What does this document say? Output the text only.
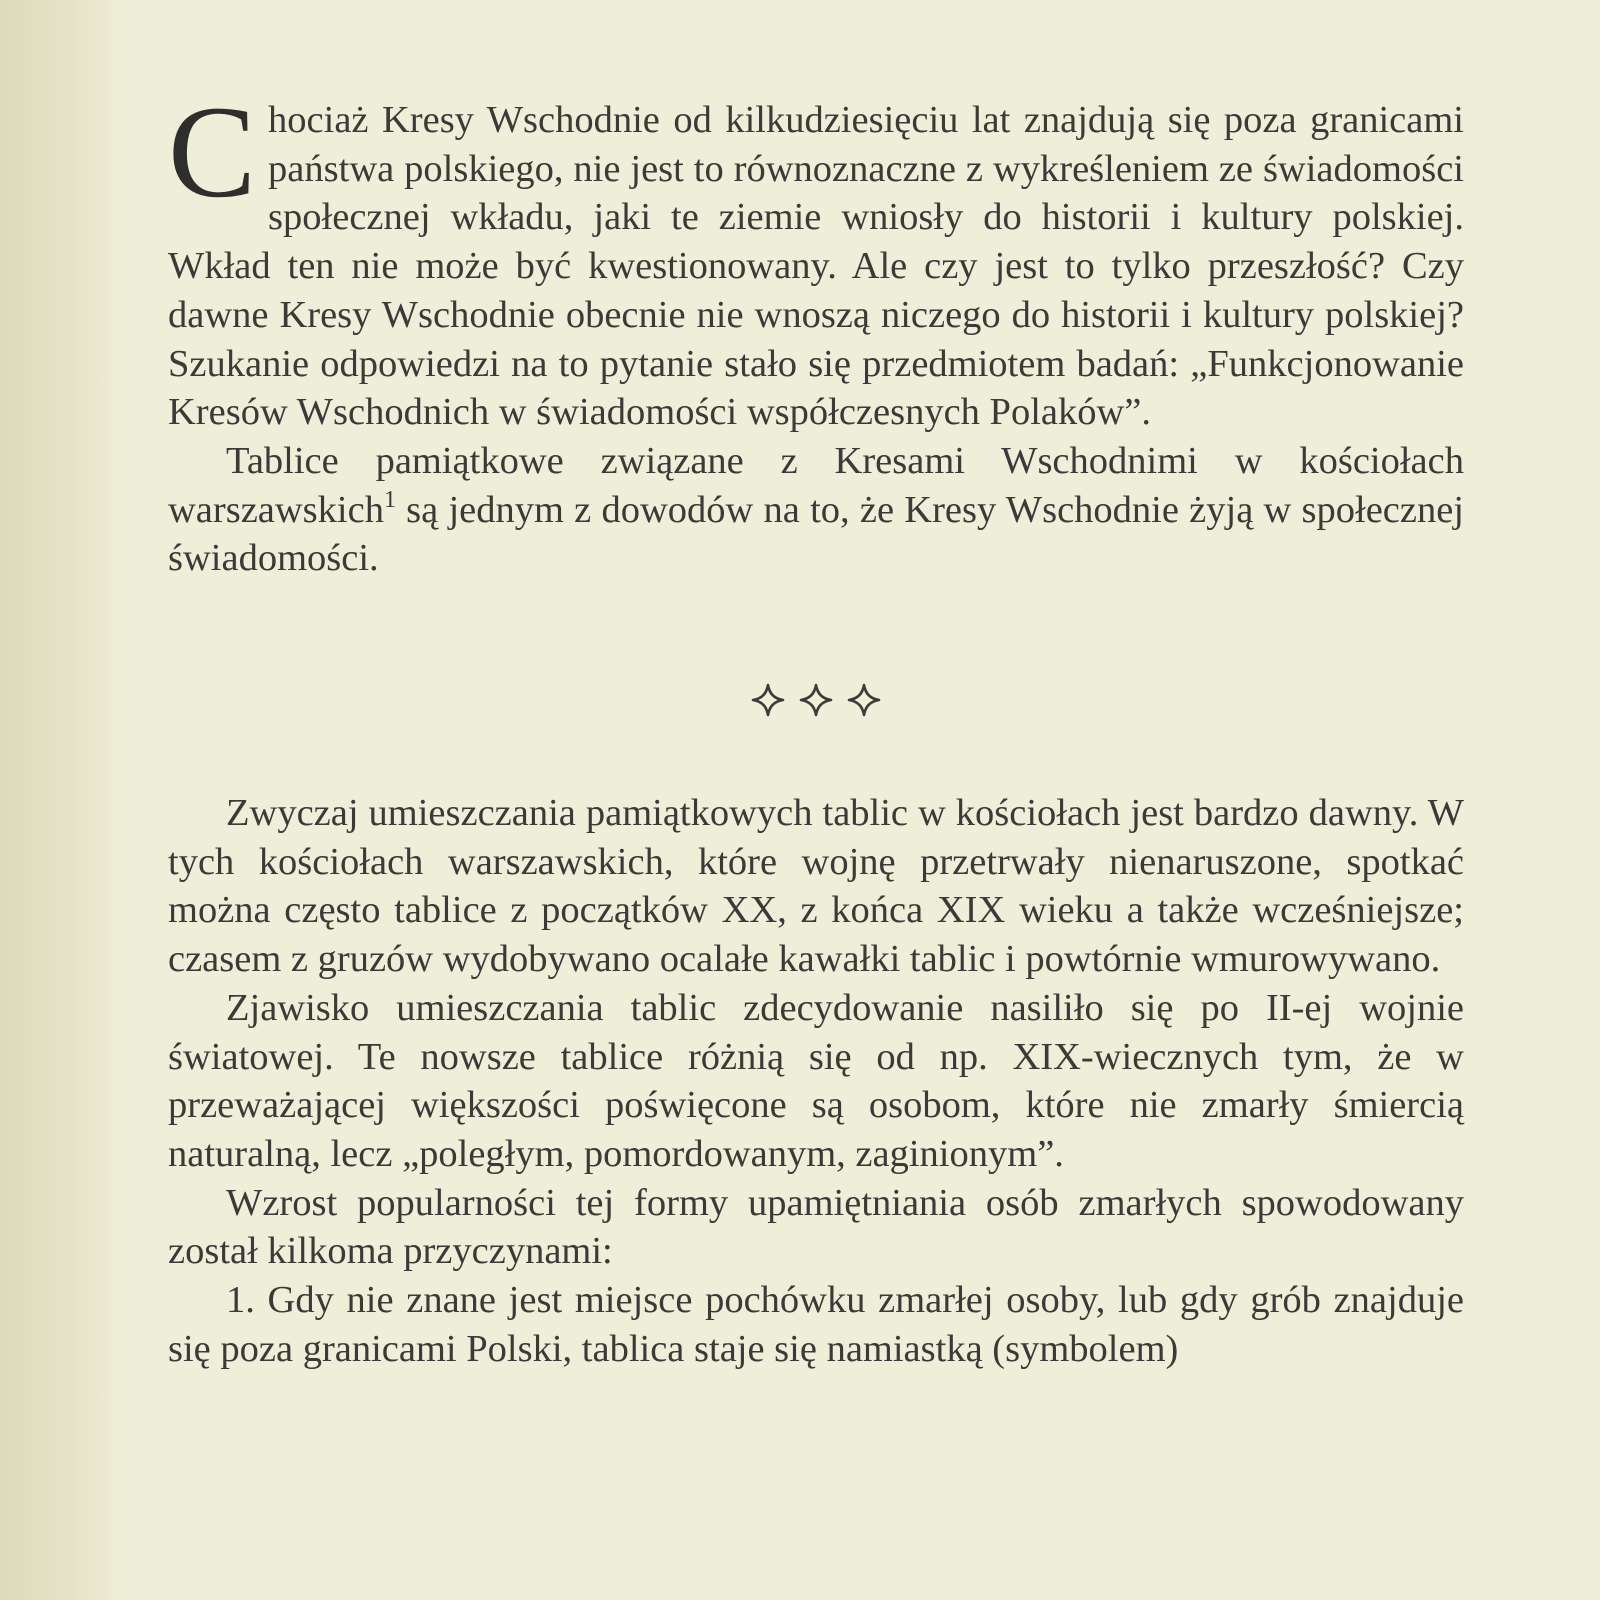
Chociaż Kresy Wschodnie od kilkudziesięciu lat znajdują się poza granicami państwa polskiego, nie jest to równoznaczne z wykreśleniem ze świadomości społecznej wkładu, jaki te ziemie wniosły do historii i kultury polskiej. Wkład ten nie może być kwestionowany. Ale czy jest to tylko przeszłość? Czy dawne Kresy Wschodnie obecnie nie wnoszą niczego do historii i kultury polskiej? Szukanie odpowiedzi na to pytanie stało się przedmiotem badań: „Funkcjonowanie Kresów Wschodnich w świadomości współczesnych Polaków”.

Tablice pamiątkowe związane z Kresami Wschodnimi w kościołach warszawskich$^1$ są jednym z dowodów na to, że Kresy Wschodnie żyją w społecznej świadomości.

Zwyczaj umieszczania pamiątkowych tablic w kościołach jest bardzo dawny. W tych kościołach warszawskich, które wojnę przetrwały nienaruszone, spotkać można często tablice z początków XX, z końca XIX wieku a także wcześniejsze; czasem z gruzów wydobywano ocalałe kawałki tablic i powtórnie wmurowywano.

Zjawisko umieszczania tablic zdecydowanie nasiliło się po II-ej wojnie światowej. Te nowsze tablice różnią się od np. XIX-wiecznych tym, że w przeważającej większości poświęcone są osobom, które nie zmarły śmiercią naturalną, lecz „poległym, pomordowanym, zaginionym”.

Wzrost popularności tej formy upamiętniania osób zmarłych spowodowany został kilkoma przyczynami:

1. Gdy nie znane jest miejsce pochówku zmarłej osoby, lub gdy grób znajduje się poza granicami Polski, tablica staje się namiastką (symbolem)
